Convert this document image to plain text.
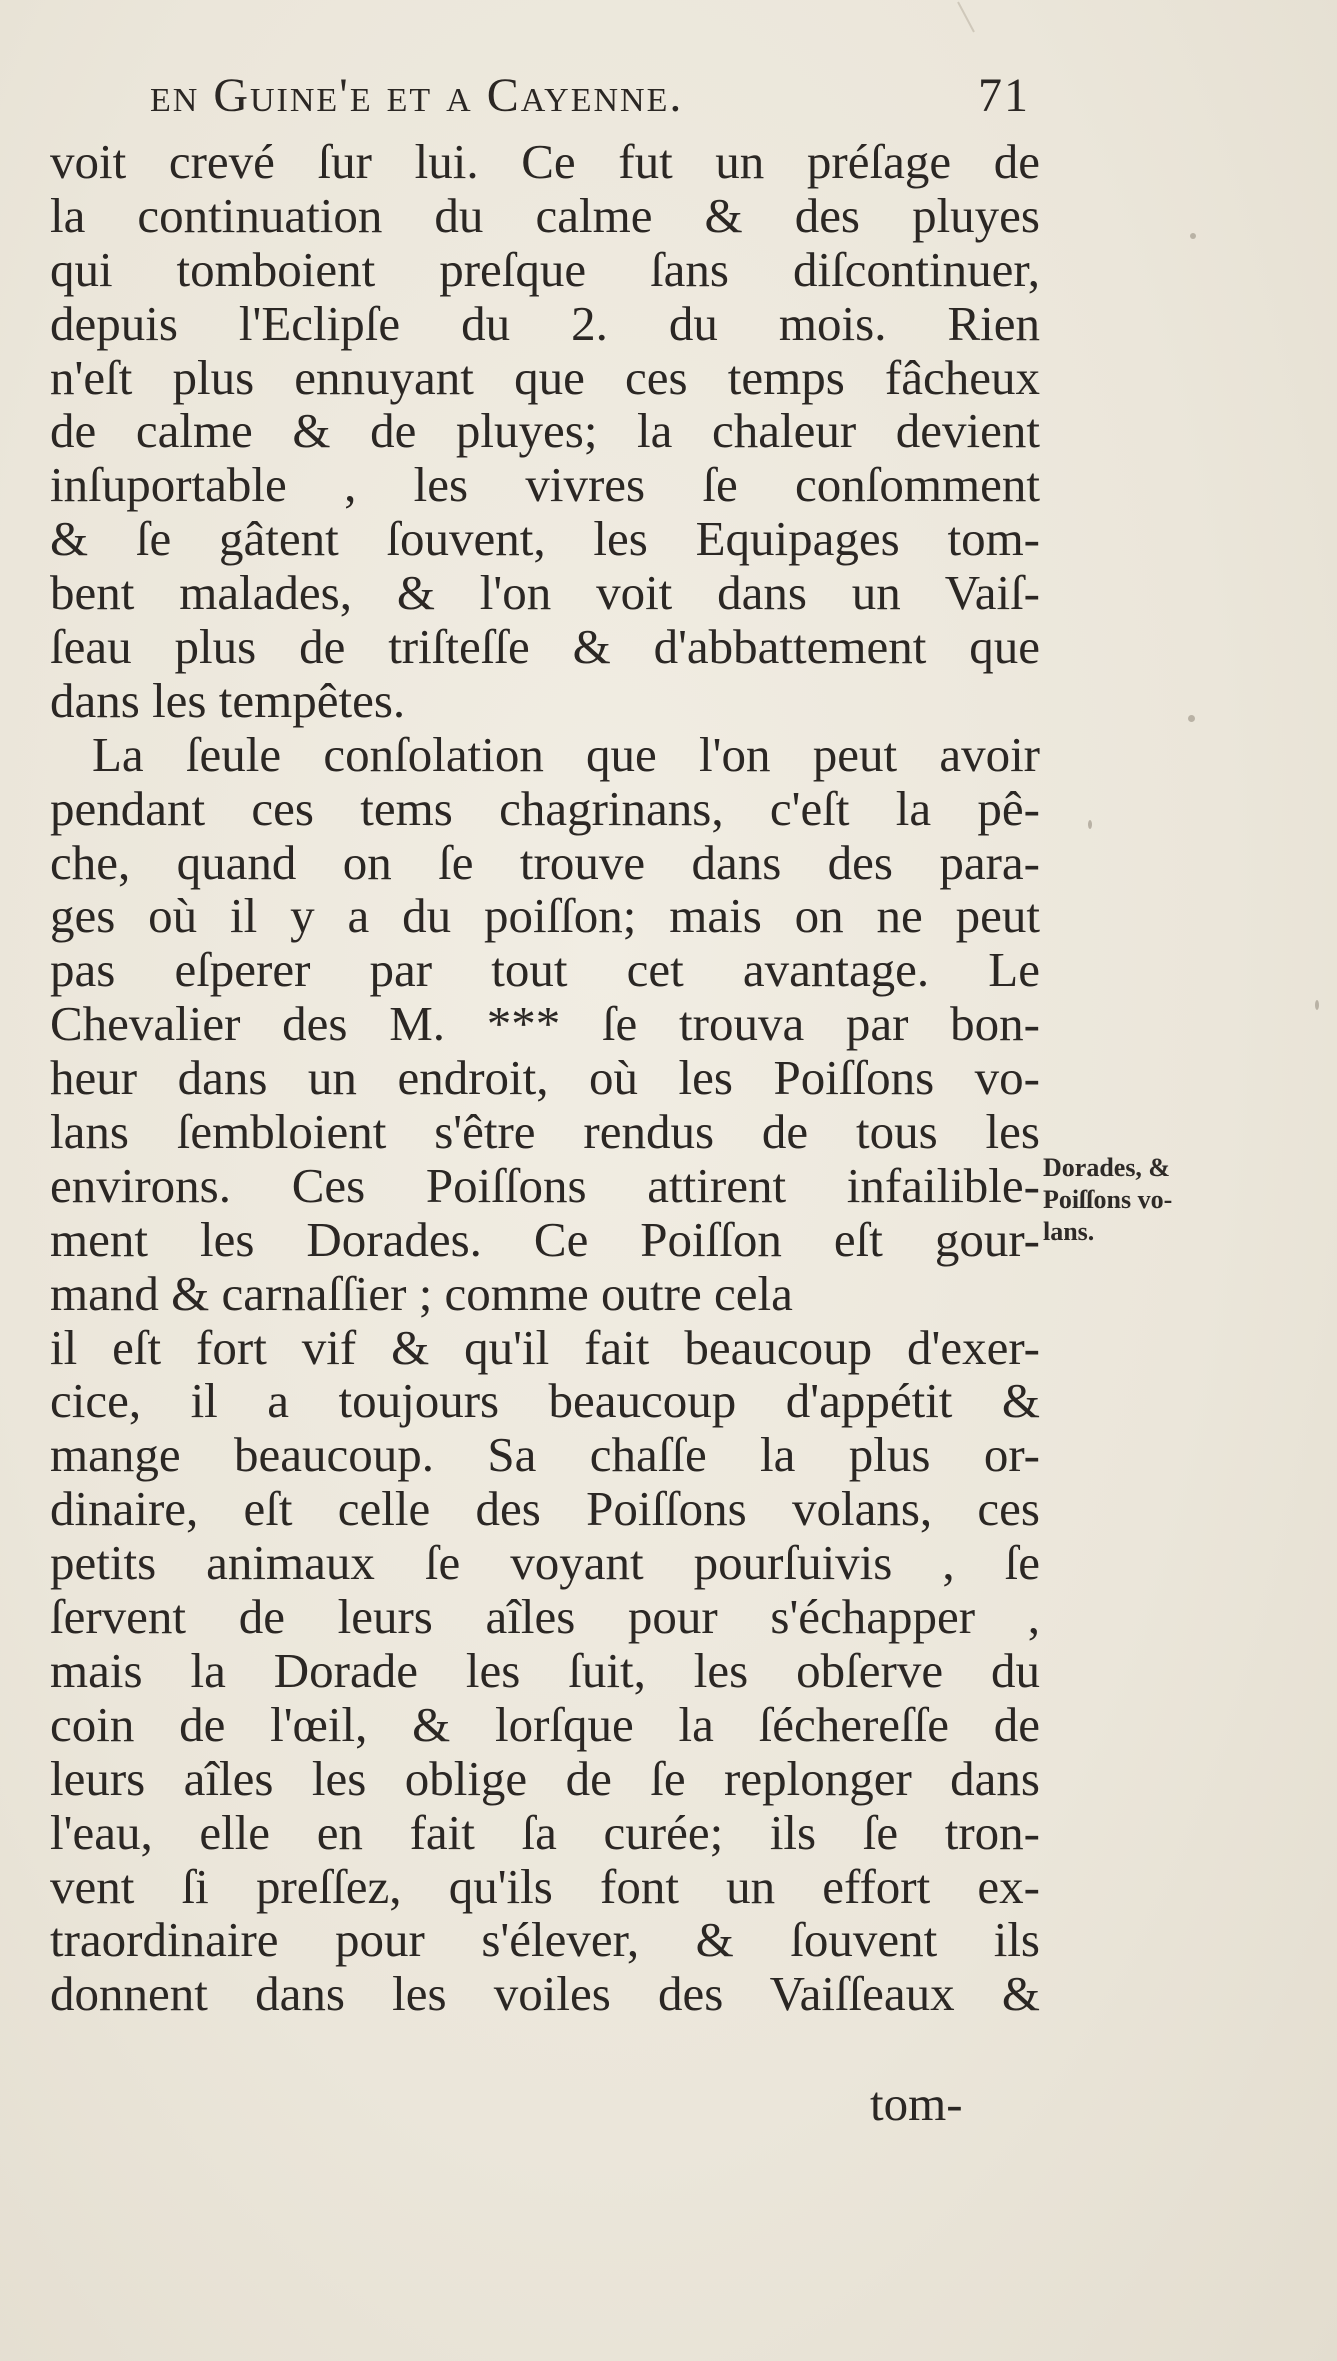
en Guine'e et a Cayenne.	71
voit crevé ſur lui. Ce fut un préſage de
la continuation du calme & des pluyes
qui tomboient preſque ſans diſcontinuer,
depuis l'Eclipſe du 2. du mois. Rien
n'eſt plus ennuyant que ces temps fâcheux
de calme & de pluyes; la chaleur devient
inſuportable , les vivres ſe conſomment
& ſe gâtent ſouvent, les Equipages tom-
bent malades, & l'on voit dans un Vaiſ-
ſeau plus de triſteſſe & d'abbattement que
dans les tempêtes.
La ſeule conſolation que l'on peut avoir
pendant ces tems chagrinans, c'eſt la pê-
che, quand on ſe trouve dans des para-
ges où il y a du poiſſon; mais on ne peut
pas eſperer par tout cet avantage. Le
Chevalier des M. *** ſe trouva par bon-
heur dans un endroit, où les Poiſſons vo-
lans ſembloient s'être rendus de tous les
environs. Ces Poiſſons attirent infailible-
ment les Dorades. Ce Poiſſon eſt gour-
mand & carnaſſier ; comme outre cela
il eſt fort vif & qu'il fait beaucoup d'exer-
cice, il a toujours beaucoup d'appétit &
mange beaucoup. Sa chaſſe la plus or-
dinaire, eſt celle des Poiſſons volans, ces
petits animaux ſe voyant pourſuivis , ſe
ſervent de leurs aîles pour s'échapper ,
mais la Dorade les ſuit, les obſerve du
coin de l'œil, & lorſque la ſécherеſſe de
leurs aîles les oblige de ſe replonger dans
l'eau, elle en fait ſa curée; ils ſe tron-
vent ſi preſſez, qu'ils font un effort ex-
traordinaire pour s'élever, & ſouvent ils
donnent dans les voiles des Vaiſſeaux &
tom-
Dorades, &
Poiſſons vo-
lans.
